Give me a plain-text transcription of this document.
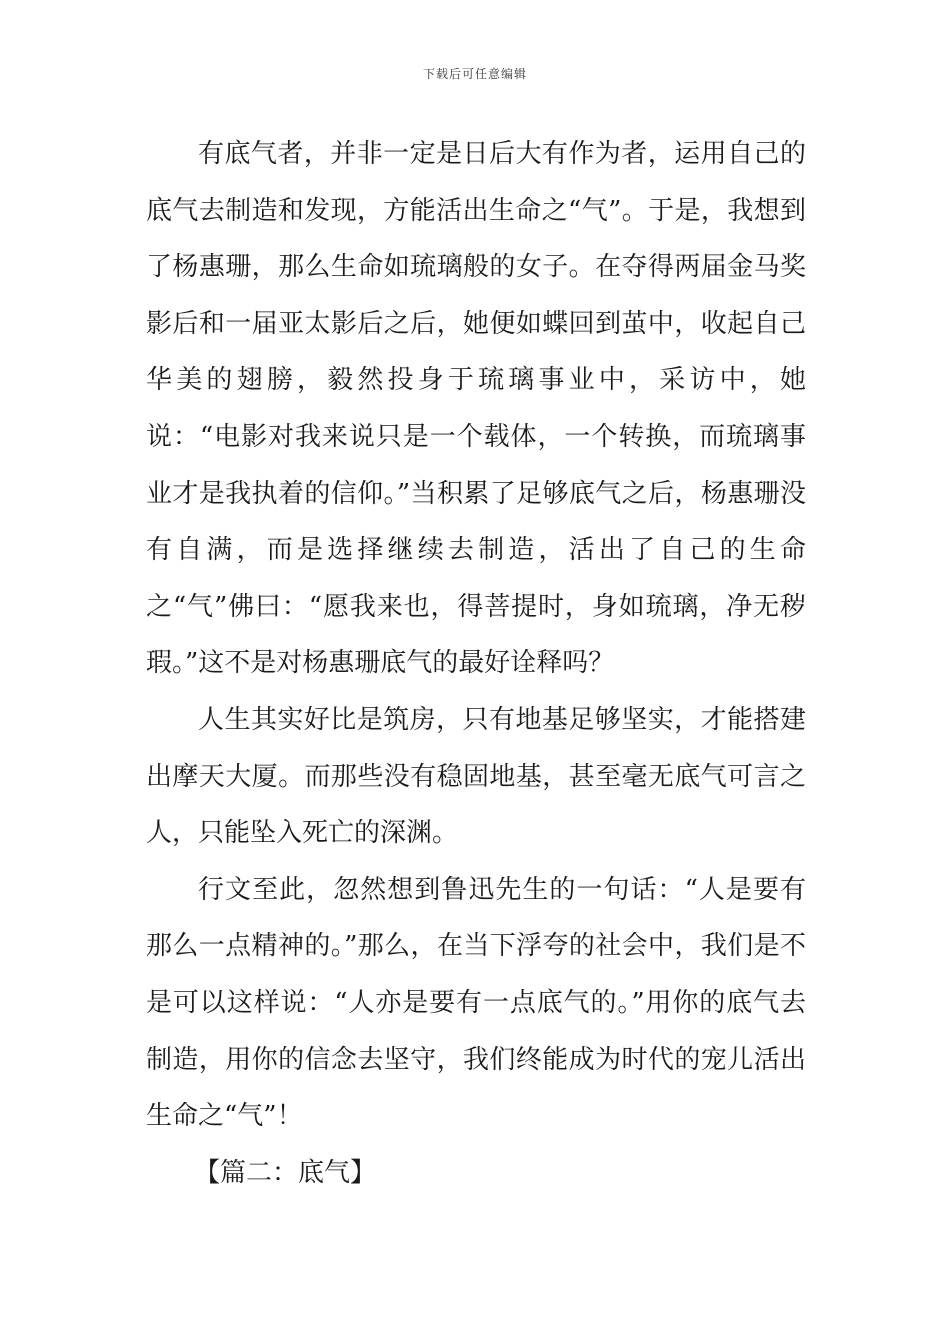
下载后可任意编辑

有底气者，并非一定是日后大有作为者，运用自己的底气去制造和发现，方能活出生命之“气”。于是，我想到了杨惠珊，那么生命如琉璃般的女子。在夺得两届金马奖影后和一届亚太影后之后，她便如蝶回到茧中，收起自己华美的翅膀，毅然投身于琉璃事业中，采访中，她说：“电影对我来说只是一个载体，一个转换，而琉璃事业才是我执着的信仰。”当积累了足够底气之后，杨惠珊没有自满，而是选择继续去制造，活出了自己的生命之“气”佛曰：“愿我来也，得菩提时，身如琉璃，净无秽瑕。”这不是对杨惠珊底气的最好诠释吗？

人生其实好比是筑房，只有地基足够坚实，才能搭建出摩天大厦。而那些没有稳固地基，甚至毫无底气可言之人，只能坠入死亡的深渊。

行文至此，忽然想到鲁迅先生的一句话：“人是要有那么一点精神的。”那么，在当下浮夸的社会中，我们是不是可以这样说：“人亦是要有一点底气的。”用你的底气去制造，用你的信念去坚守，我们终能成为时代的宠儿活出生命之“气”！

【篇二：底气】
